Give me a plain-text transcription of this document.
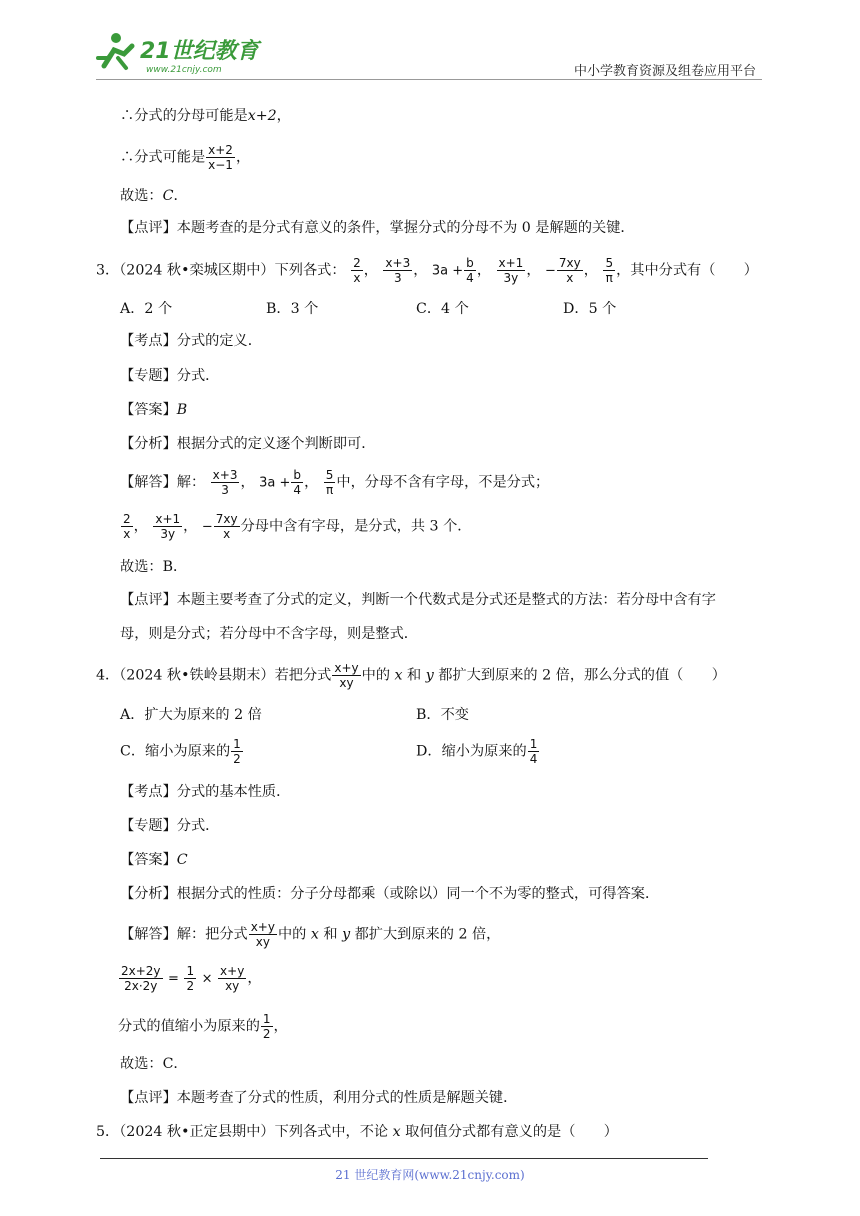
21世纪教育
www.21cnjy.com	中小学教育资源及组卷应用平台
∴分式的分母可能是x+2，
∴分式可能是 $\frac{x+2}{x-1}$ ，
故选：C．
【点评】本题考查的是分式有意义的条件，掌握分式的分母不为 0 是解题的关键．
3．（2024 秋•栾城区期中）下列各式： $\frac{2}{x}$ ， $\frac{x+3}{3}$ ， $3a + \frac{b}{4}$ ， $\frac{x+1}{3y}$ ， − $\frac{7xy}{x}$ ， $\frac{5}{\pi}$ ，其中分式有（　　）
A．2 个	B．3 个	C．4 个	D．5 个
【考点】分式的定义．
【专题】分式．
【答案】B
【分析】根据分式的定义逐个判断即可．
【解答】解： $\frac{x+3}{3}$ ， $3a + \frac{b}{4}$ ， $\frac{5}{\pi}$ 中，分母不含有字母，不是分式；
$\frac{2}{x}$ ， $\frac{x+1}{3y}$ ， − $\frac{7xy}{x}$ 分母中含有字母，是分式，共 3 个．
故选：B．
【点评】本题主要考查了分式的定义，判断一个代数式是分式还是整式的方法：若分母中含有字
母，则是分式；若分母中不含字母，则是整式．
4．（2024 秋•铁岭县期末）若把分式 $\frac{x+y}{xy}$ 中的 x 和 y 都扩大到原来的 2 倍，那么分式的值（　　）
A．扩大为原来的 2 倍	B．不变
C．缩小为原来的 $\frac{1}{2}$	D．缩小为原来的 $\frac{1}{4}$
【考点】分式的基本性质．
【专题】分式．
【答案】C
【分析】根据分式的性质：分子分母都乘（或除以）同一个不为零的整式，可得答案．
【解答】解：把分式 $\frac{x+y}{xy}$ 中的 x 和 y 都扩大到原来的 2 倍，
$\frac{2x+2y}{2x\cdot 2y} = \frac{1}{2} \times \frac{x+y}{xy}$ ，
分式的值缩小为原来的 $\frac{1}{2}$ ，
故选：C．
【点评】本题考查了分式的性质，利用分式的性质是解题关键．
5．（2024 秋•正定县期中）下列各式中，不论 x 取何值分式都有意义的是（　　）
21 世纪教育网(www.21cnjy.com)
